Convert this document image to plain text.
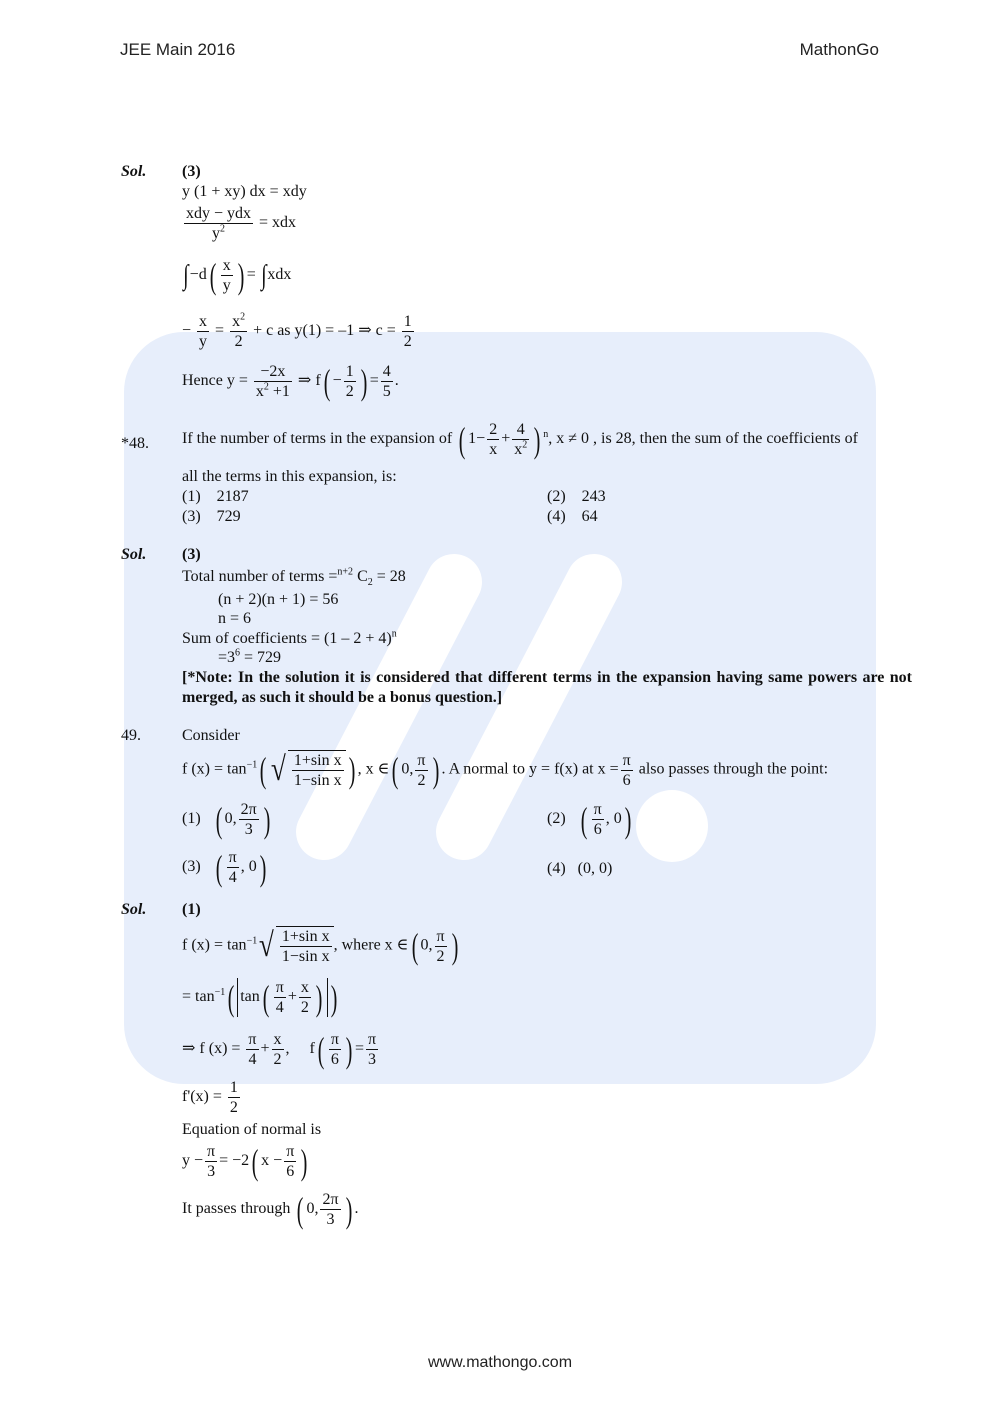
JEE Main 2016	MathonGo
Sol. (3)
y (1 + xy) dx = xdy
$\frac{\text{xdy − ydx}}{y^2}$ = xdx
$\int-d( \frac{x}{y}$ ) = ∫xdx
− $\frac{x}{y} = \frac{x^2}{2} + c$ as y(1) = –1 ⇒ $c = \frac{1}{2}$
Hence $y = \frac{-2x}{x^2 +1}$ ⇒ $f( - \frac{1}{2}$ ) = $\frac{4}{5}$ .
*48. If the number of terms in the expansion of ( $1- \frac{2}{x} + \frac{4}{x^2}$ ) $^n$, x ≠ 0 , is 28, then the sum of the coefficients of
all the terms in this expansion, is:
(1) 2187	(2) 243
(3) 729	(4) 64
Sol. (3)
Total number of terms =$^{n+2}$ $C_2 = 28$
(n + 2)(n + 1) = 56
n = 6
Sum of coefficients = $(1 - 2 + 4)^n$
$=3^6 = 729$
[*Note: In the solution it is considered that different terms in the expansion having same powers are not merged, as such it should be a bonus question.]
49.	Consider
f $(x) = \tan^{-1}$( √ $\frac{\text{1+sin x}}{\text{1−sin x}}$ ) , x ∈( 0, $\frac{\pi}{2}$ ) . A normal to y = f(x) at $x = \frac{\pi}{6}$ also passes through the point:
(1) ( 0, $\frac{2\pi}{3}$ )	(2) ( $\frac{\pi}{6}$ , 0)
(3) ( $\frac{\pi}{4}$ , 0)	(4) (0, 0)
Sol. (1)
f $(x) = \tan^{-1}√ \frac{\text{1+sin x}}{\text{1−sin x}}$ , where x ∈( 0, $\frac{\pi}{2}$ )
= $\tan^{-1}$( $\tan( \frac{\pi}{4} + \frac{x}{2}$ ) )
⇒ f $(x) = \frac{\pi}{4} + \frac{x}{2}$ , $f( \frac{\pi}{6}$ ) = $\frac{\pi}{3}$
$f'(x) = \frac{1}{2}$
Equation of normal is
$y - \frac{\pi}{3} = -2$( $x - \frac{\pi}{6}$ )
It passes through ( 0, $\frac{2\pi}{3}$ ) .
www.mathongo.com
